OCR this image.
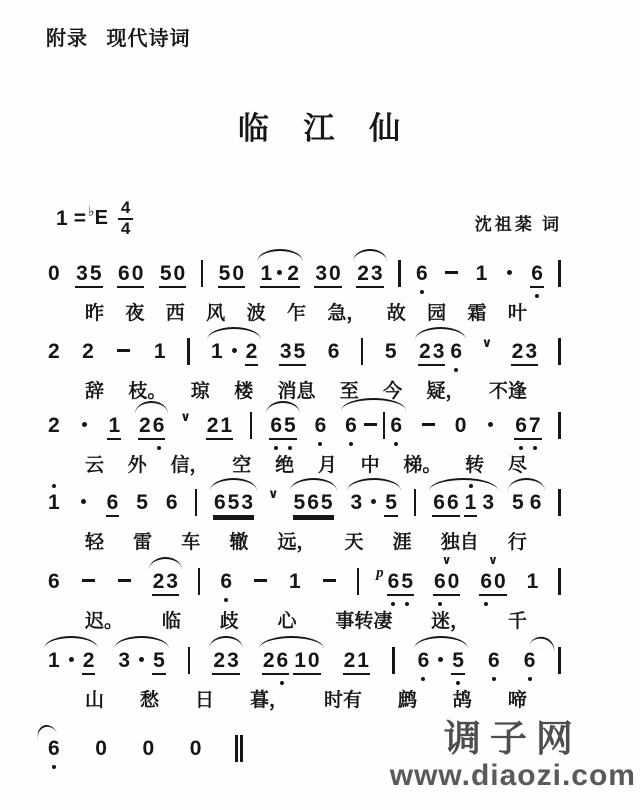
附录 现代诗词
临 江 仙
1 = ♭ E $\frac{4}{4}$	沈祖棻 词
0 35 60 50 50 1 2 30 23 6 1 6
昨 夜 西 风 波 乍 急， 故 园 霜 叶
2 2	1 1 2 35 6 5 23 6 ∨ 23
辞 枝。 琼 楼 消息 至 今 疑， 不逢
2 1 26 ∨ 21 6
5 6 6 6	0 6
7
云 外 信， 空 绝 月 中 梯。 转 尽
1 6 5 6 653 ∨ 565 3 5 66 1 3 5 6
轻 雷 车 辙 远， 天 涯 独自 行
6	23 6	1	$^p$ 6
5
∨
6
0
∨
6
0 1
迟。 临 歧 心 事转凄 迷， 千
1 2 3 5 23 26 10 21 6 5 6 6
山 愁 日 暮， 时有 鹧 鸪 啼
6 0 0 0	调子网
www.diaozi.com
